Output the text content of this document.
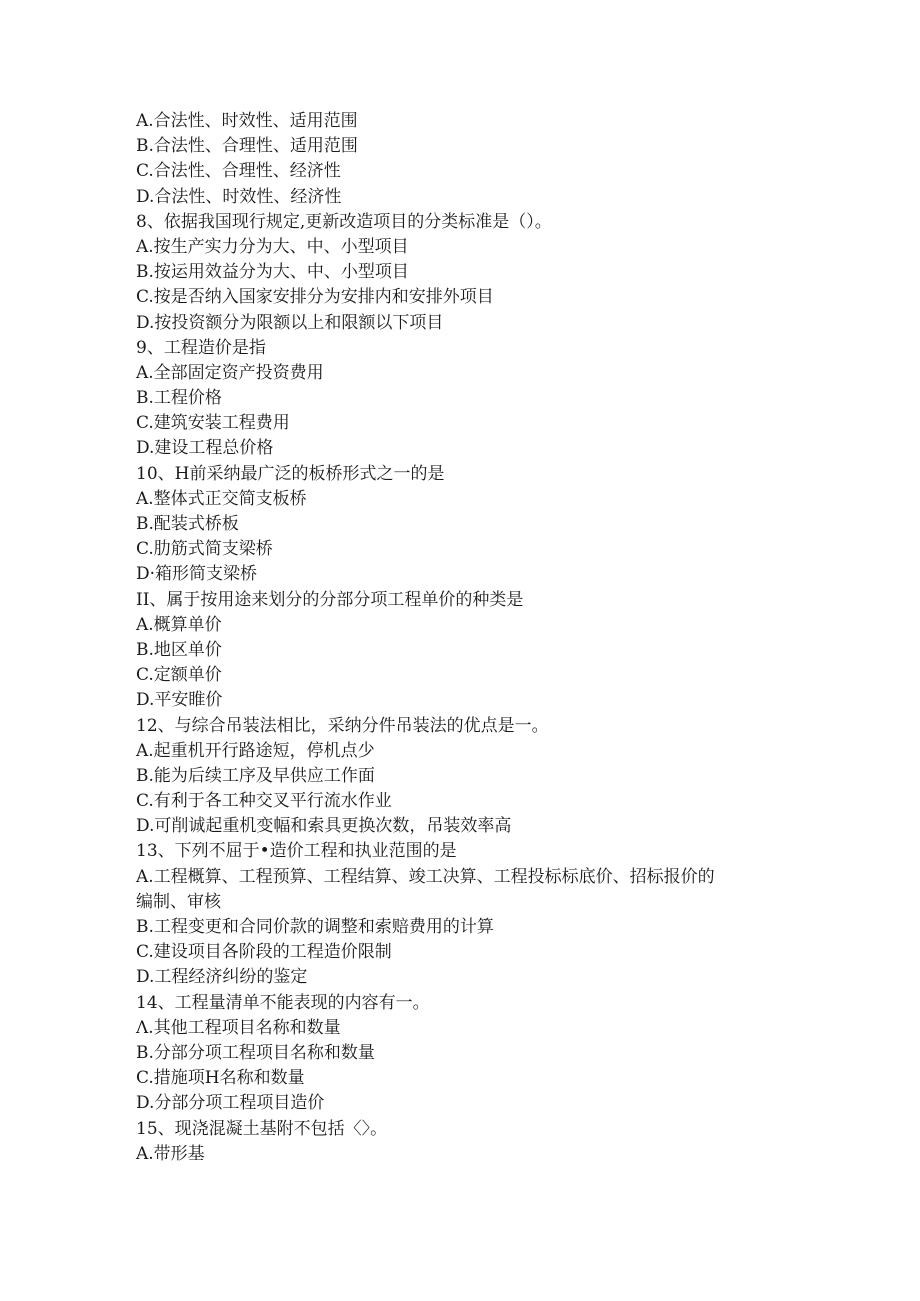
A.合法性、时效性、适用范围
B.合法性、合理性、适用范围
C.合法性、合理性、经济性
D.合法性、时效性、经济性
8、依据我国现行规定,更新改造项目的分类标准是（）。
A.按生产实力分为大、中、小型项目
B.按运用效益分为大、中、小型项目
C.按是否纳入国家安排分为安排内和安排外项目
D.按投资额分为限额以上和限额以下项目
9、工程造价是指
A.全部固定资产投资费用
B.工程价格
C.建筑安装工程费用
D.建设工程总价格
10、H前采纳最广泛的板桥形式之一的是
A.整体式正交简支板桥
B.配装式桥板
C.肋筋式简支梁桥
D·箱形简支梁桥
II、属于按用途来划分的分部分项工程单价的种类是
A.概算单价
B.地区单价
C.定额单价
D.平安睢价
12、与综合吊装法相比，采纳分件吊装法的优点是一。
A.起重机开行路途短，停机点少
B.能为后续工序及早供应工作面
C.有利于各工种交叉平行流水作业
D.可削诚起重机变幅和索具更换次数，吊装效率高
13、下列不屈于•造价工程和执业范围的是
A.工程概算、工程预算、工程结算、竣工决算、工程投标标底价、招标报价的
编制、审核
B.工程变更和合同价款的调整和索赔费用的计算
C.建设项目各阶段的工程造价限制
D.工程经济纠纷的鉴定
14、工程量清单不能表现的内容有一。
Λ.其他工程项目名称和数量
B.分部分项工程项目名称和数量
C.措施项H名称和数量
D.分部分项工程项目造价
15、现浇混凝土基附不包括〈〉。
A.带形基
